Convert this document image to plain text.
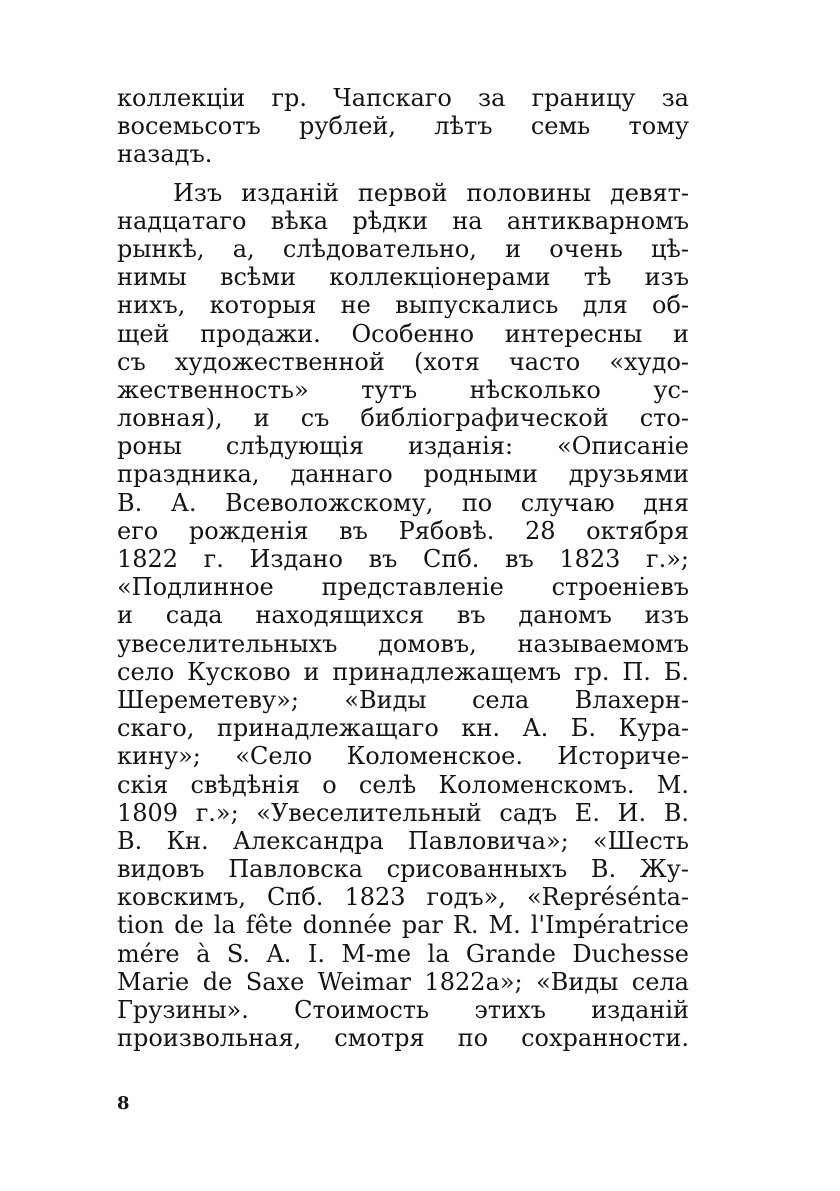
коллекціи гр. Чапскаго за границу за
восемьсотъ рублей, лѣтъ семь тому
назадъ.
Изъ изданій первой половины девят-
надцатаго вѣка рѣдки на антикварномъ
рынкѣ, а, слѣдовательно, и очень цѣ-
нимы всѣми коллекціонерами тѣ изъ
нихъ, которыя не выпускались для об-
щей продажи. Особенно интересны и
съ художественной (хотя часто «худо-
жественность» тутъ нѣсколько ус-
ловная), и съ библіографической сто-
роны слѣдующія изданія: «Описаніе
праздника, даннаго родными друзьями
В. А. Всеволожскому, по случаю дня
его рожденія въ Рябовѣ. 28 октября
1822 г. Издано въ Спб. въ 1823 г.»;
«Подлинное представленіе строеніевъ
и сада находящихся въ даномъ изъ
увеселительныхъ домовъ, называемомъ
село Кусково и принадлежащемъ гр. П. Б.
Шереметеву»; «Виды села Влахерн-
скаго, принадлежащаго кн. А. Б. Кура-
кину»; «Село Коломенское. Историче-
скія свѣдѣнія о селѣ Коломенскомъ. М.
1809 г.»; «Увеселительный садъ Е. И. В.
В. Кн. Александра Павловича»; «Шесть
видовъ Павловска срисованныхъ В. Жу-
ковскимъ, Спб. 1823 годъ», «Représénta-
tion de la fête donnée par R. M. l'Impératrice
mére à S. A. I. M-me la Grande Duchesse
Marie de Saxe Weimar 1822a»; «Виды села
Грузины». Стоимость этихъ изданій
произвольная, смотря по сохранности.
8
